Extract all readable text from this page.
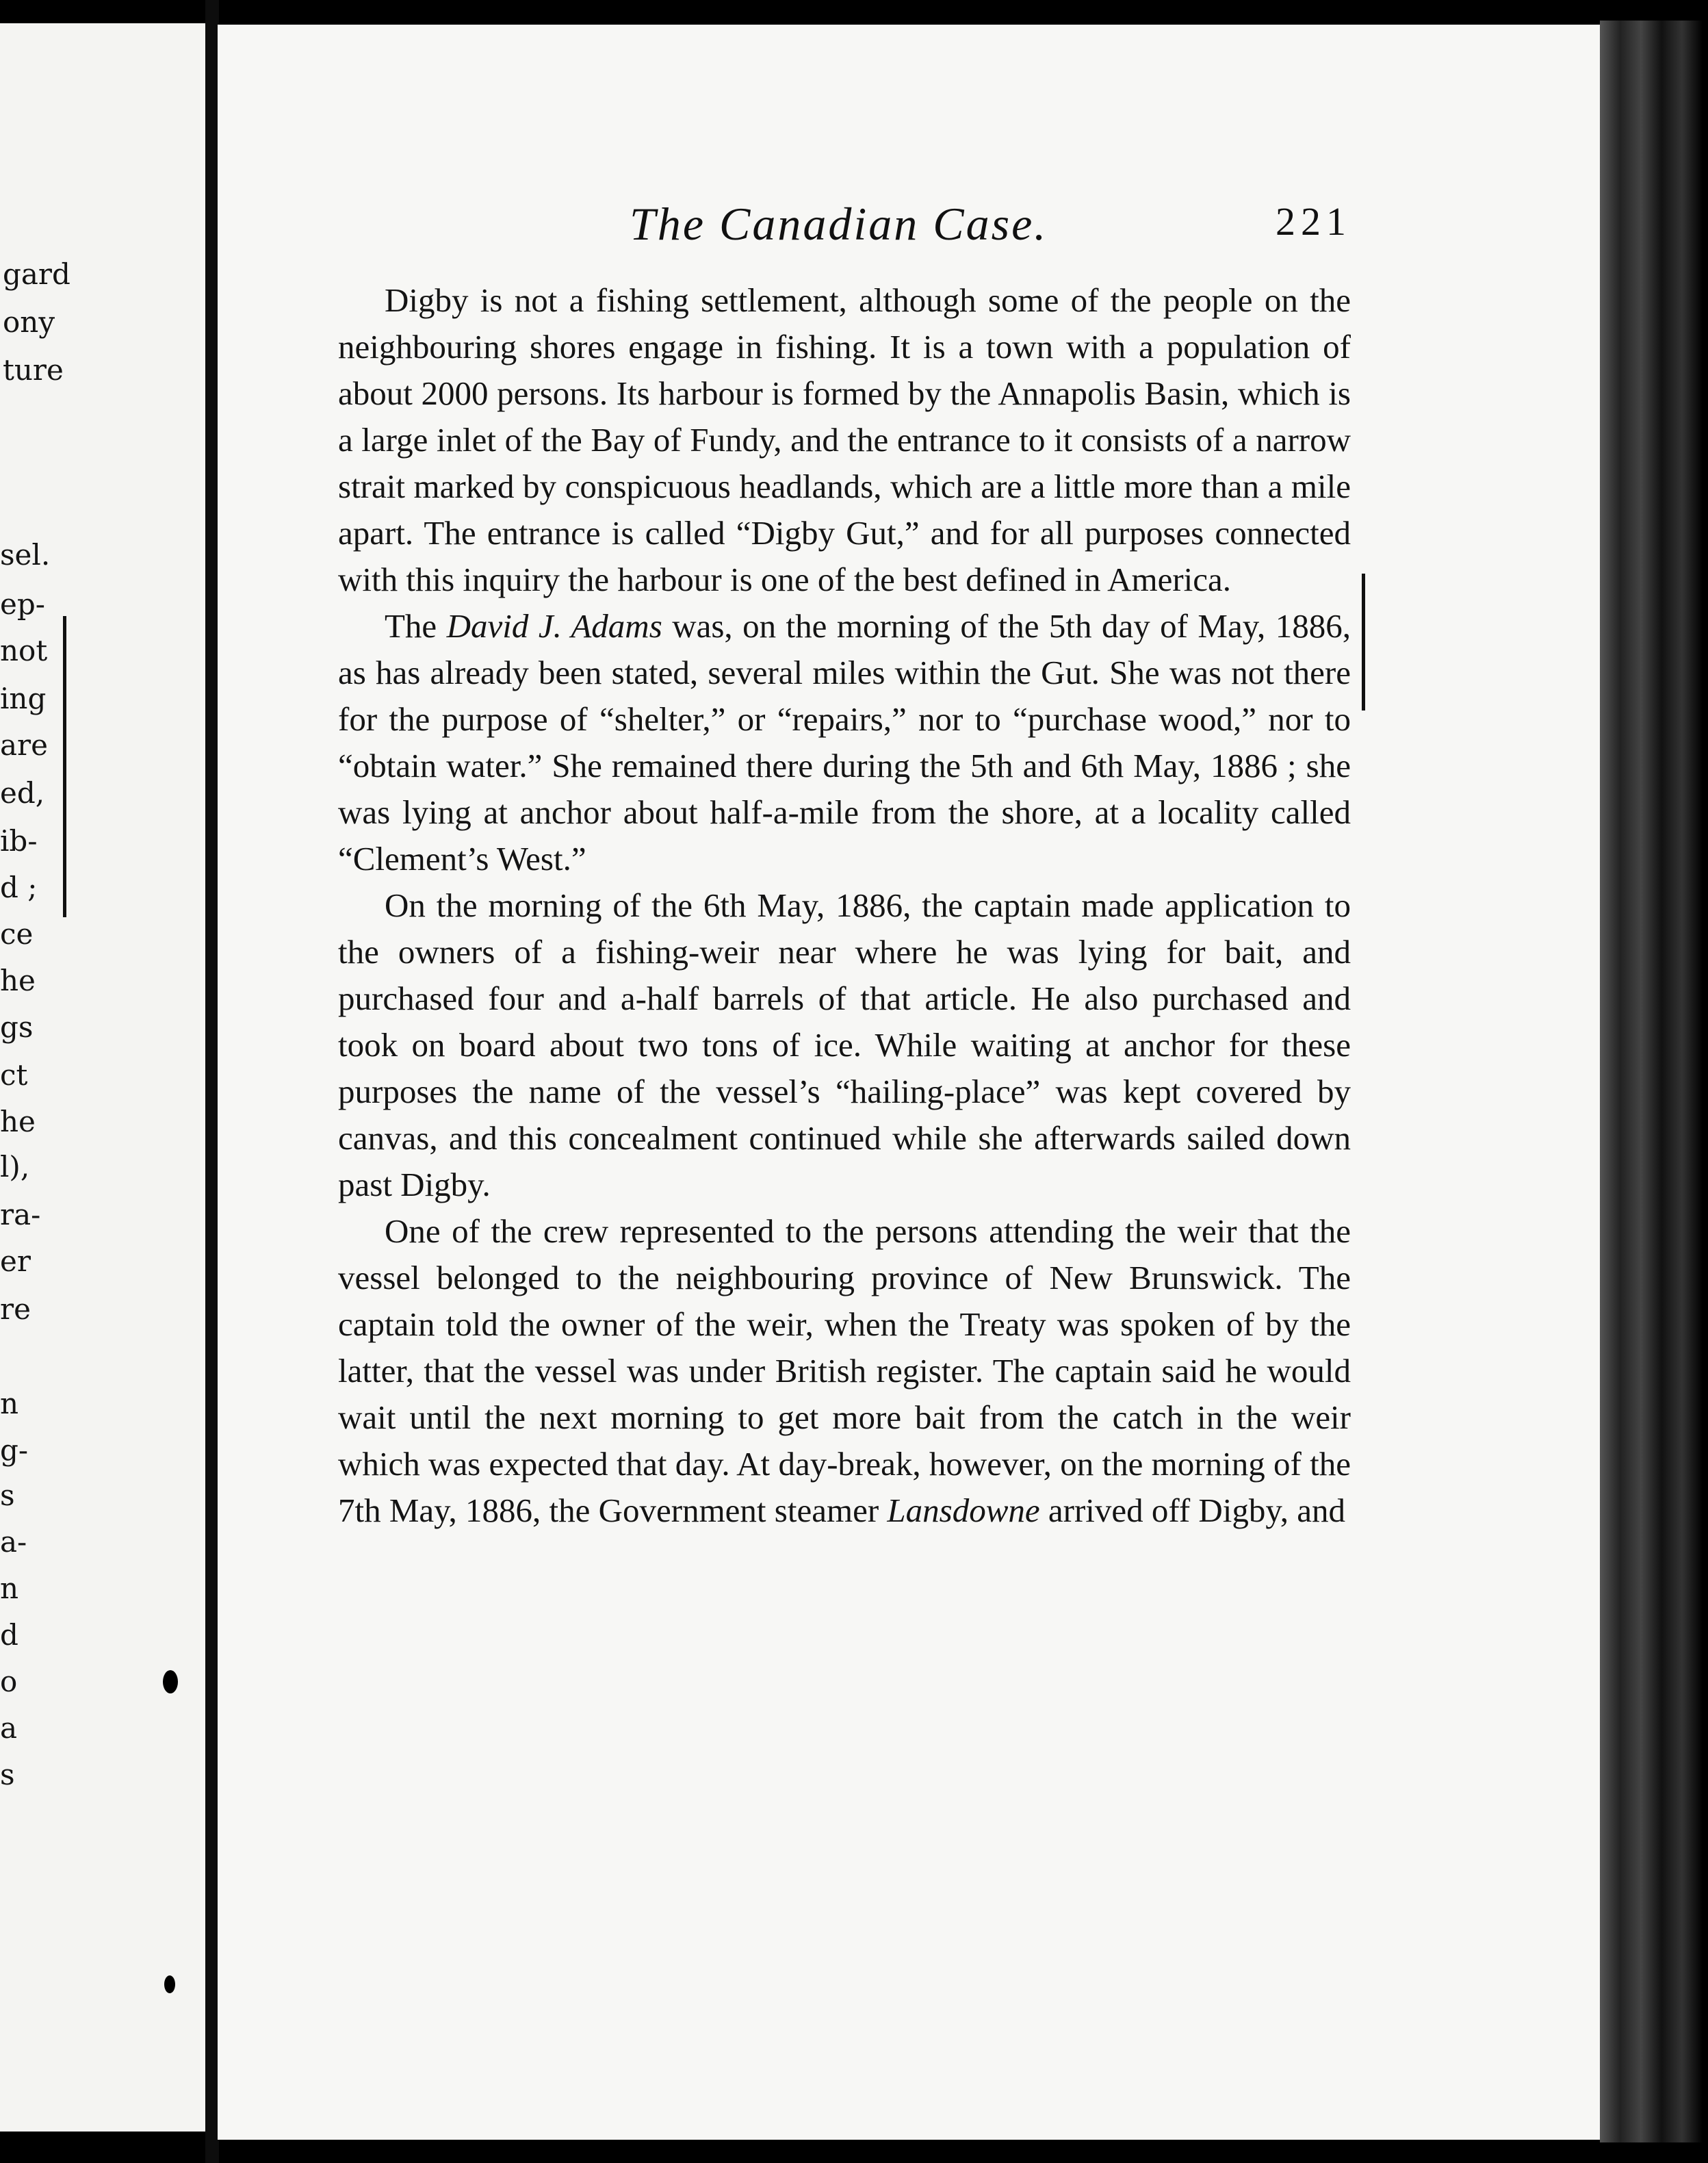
gard
ony
ture
sel.
ep-
not
ing
are
ed,
ib-
d ;
ce
he
gs
ct
he
l),
ra-
er
re
n
g-
s
a-
n
d
o
a
s
The Canadian Case.	221

Digby is not a fishing settlement, although some of the people on the neighbouring shores engage in fishing. It is a town with a population of about 2000 persons. Its harbour is formed by the Annapolis Basin, which is a large inlet of the Bay of Fundy, and the entrance to it consists of a narrow strait marked by conspicuous headlands, which are a little more than a mile apart. The entrance is called “Digby Gut,” and for all purposes connected with this inquiry the harbour is one of the best defined in America.

The David J. Adams was, on the morning of the 5th day of May, 1886, as has already been stated, several miles within the Gut. She was not there for the purpose of “shelter,” or “repairs,” nor to “purchase wood,” nor to “obtain water.” She remained there during the 5th and 6th May, 1886 ; she was lying at anchor about half-a-mile from the shore, at a locality called “Clement’s West.”

On the morning of the 6th May, 1886, the captain made application to the owners of a fishing-weir near where he was lying for bait, and purchased four and a-half barrels of that article. He also purchased and took on board about two tons of ice. While waiting at anchor for these purposes the name of the vessel’s “hailing-place” was kept covered by canvas, and this concealment continued while she afterwards sailed down past Digby.

One of the crew represented to the persons attending the weir that the vessel belonged to the neighbouring province of New Brunswick. The captain told the owner of the weir, when the Treaty was spoken of by the latter, that the vessel was under British register. The captain said he would wait until the next morning to get more bait from the catch in the weir which was expected that day. At day-break, however, on the morning of the 7th May, 1886, the Government steamer Lansdowne arrived off Digby, and
